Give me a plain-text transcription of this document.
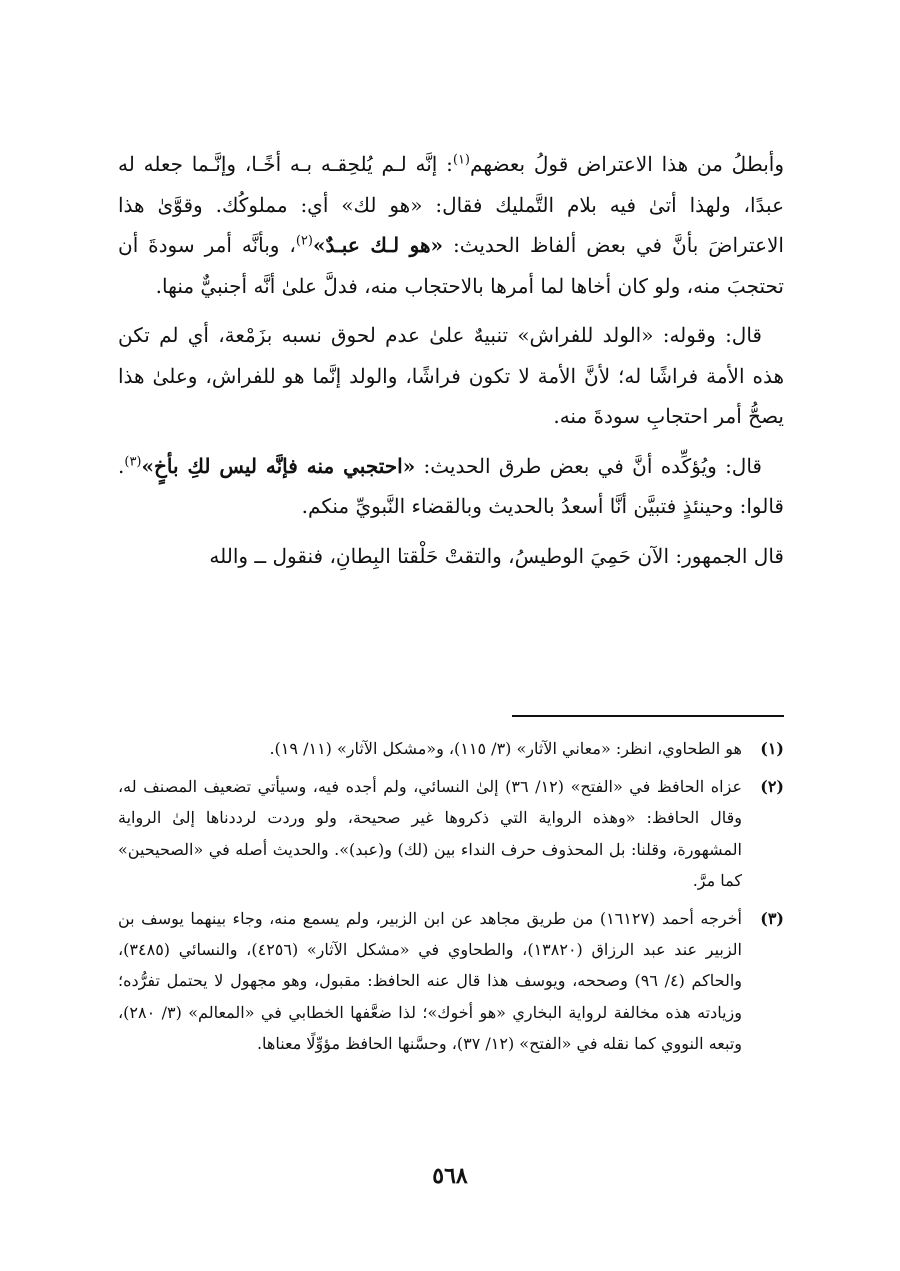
وأبطلُ من هذا الاعتراض قولُ بعضهم$^{(١)}$: إنَّه لـم يُلحِقـه بـه أخًـا، وإنَّـما جعله له عبدًا، ولهذا أتىٰ فيه بلام التَّمليك فقال: «هو لك» أي: مملوكُك. وقوَّىٰ هذا الاعتراضَ بأنَّ في بعض ألفاظ الحديث: «هو لـك عبـدٌ»$^{(٢)}$، وبأنَّه أمر سودةَ أن تحتجبَ منه، ولو كان أخاها لما أمرها بالاحتجاب منه، فدلَّ علىٰ أنَّه أجنبيٌّ منها.

قال: وقوله: «الولد للفراش» تنبيهٌ علىٰ عدم لحوق نسبه بزَمْعة، أي لم تكن هذه الأمة فراشًا له؛ لأنَّ الأمة لا تكون فراشًا، والولد إنَّما هو للفراش، وعلىٰ هذا يصحُّ أمر احتجابِ سودةَ منه.

قال: ويُؤكِّده أنَّ في بعض طرق الحديث: «احتجبي منه فإنَّه ليس لكِ بأخٍ»$^{(٣)}$. قالوا: وحينئذٍ فتبيَّن أنَّا أسعدُ بالحديث وبالقضاء النَّبويِّ منكم.

قال الجمهور: الآن حَمِيَ الوطيسُ، والتقتْ حَلْقتا البِطانِ، فنقول ــ والله

(١)
هو الطحاوي، انظر: «معاني الآثار» (٣/ ١١٥)، و«مشكل الآثار» (١١/ ١٩).
(٢)
عزاه الحافظ في «الفتح» (١٢/ ٣٦) إلىٰ النسائي، ولم أجده فيه، وسيأتي تضعيف المصنف له، وقال الحافظ: «وهذه الرواية التي ذكروها غير صحيحة، ولو وردت لرددناها إلىٰ الرواية المشهورة، وقلنا: بل المحذوف حرف النداء بين (لك) و(عبد)». والحديث أصله في «الصحيحين» كما مرَّ.
(٣)
أخرجه أحمد (١٦١٢٧) من طريق مجاهد عن ابن الزبير، ولم يسمع منه، وجاء بينهما يوسف بن الزبير عند عبد الرزاق (١٣٨٢٠)، والطحاوي في «مشكل الآثار» (٤٢٥٦)، والنسائي (٣٤٨٥)، والحاكم (٤/ ٩٦) وصححه، ويوسف هذا قال عنه الحافظ: مقبول، وهو مجهول لا يحتمل تفرُّده؛ وزيادته هذه مخالفة لرواية البخاري «هو أخوك»؛ لذا ضعَّفها الخطابي في «المعالم» (٣/ ٢٨٠)، وتبعه النووي كما نقله في «الفتح» (١٢/ ٣٧)، وحسَّنها الحافظ مؤوِّلًا معناها.
٥٦٨
